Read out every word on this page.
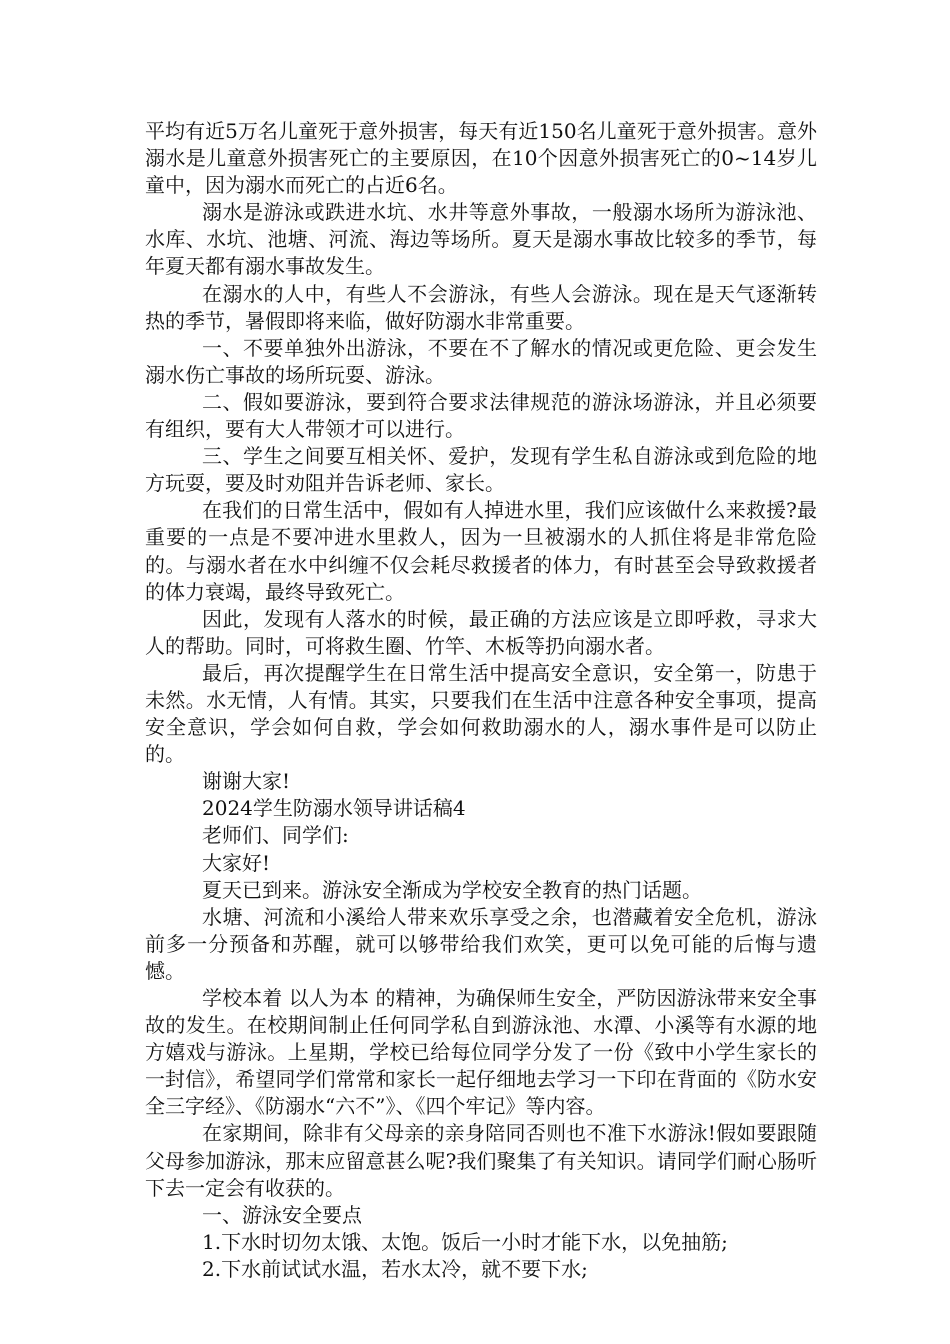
平均有近5万名儿童死于意外损害，每天有近150名儿童死于意外损害。意外溺水是儿童意外损害死亡的主要原因，在10个因意外损害死亡的0~14岁儿童中，因为溺水而死亡的占近6名。

溺水是游泳或跌进水坑、水井等意外事故，一般溺水场所为游泳池、水库、水坑、池塘、河流、海边等场所。夏天是溺水事故比较多的季节，每年夏天都有溺水事故发生。

在溺水的人中，有些人不会游泳，有些人会游泳。现在是天气逐渐转热的季节，暑假即将来临，做好防溺水非常重要。

一、不要单独外出游泳，不要在不了解水的情况或更危险、更会发生溺水伤亡事故的场所玩耍、游泳。

二、假如要游泳，要到符合要求法律规范的游泳场游泳，并且必须要有组织，要有大人带领才可以进行。

三、学生之间要互相关怀、爱护，发现有学生私自游泳或到危险的地方玩耍，要及时劝阻并告诉老师、家长。

在我们的日常生活中，假如有人掉进水里，我们应该做什么来救援?最重要的一点是不要冲进水里救人，因为一旦被溺水的人抓住将是非常危险的。与溺水者在水中纠缠不仅会耗尽救援者的体力，有时甚至会导致救援者的体力衰竭，最终导致死亡。

因此，发现有人落水的时候，最正确的方法应该是立即呼救，寻求大人的帮助。同时，可将救生圈、竹竿、木板等扔向溺水者。

最后，再次提醒学生在日常生活中提高安全意识，安全第一，防患于未然。水无情，人有情。其实，只要我们在生活中注意各种安全事项，提高安全意识，学会如何自救，学会如何救助溺水的人，溺水事件是可以防止的。

谢谢大家!

2024学生防溺水领导讲话稿4

老师们、同学们:

大家好!

夏天已到来。游泳安全渐成为学校安全教育的热门话题。

水塘、河流和小溪给人带来欢乐享受之余，也潜藏着安全危机，游泳前多一分预备和苏醒，就可以够带给我们欢笑，更可以免可能的后悔与遗憾。

学校本着 以人为本 的精神，为确保师生安全，严防因游泳带来安全事故的发生。在校期间制止任何同学私自到游泳池、水潭、小溪等有水源的地方嬉戏与游泳。上星期，学校已给每位同学分发了一份《致中小学生家长的一封信》，希望同学们常常和家长一起仔细地去学习一下印在背面的《防水安全三字经》、《防溺水“六不”》、《四个牢记》等内容。

在家期间，除非有父母亲的亲身陪同否则也不准下水游泳!假如要跟随父母参加游泳，那末应留意甚么呢?我们聚集了有关知识。请同学们耐心肠听下去一定会有收获的。

一、游泳安全要点

1.下水时切勿太饿、太饱。饭后一小时才能下水，以免抽筋;

2.下水前试试水温，若水太冷，就不要下水;
